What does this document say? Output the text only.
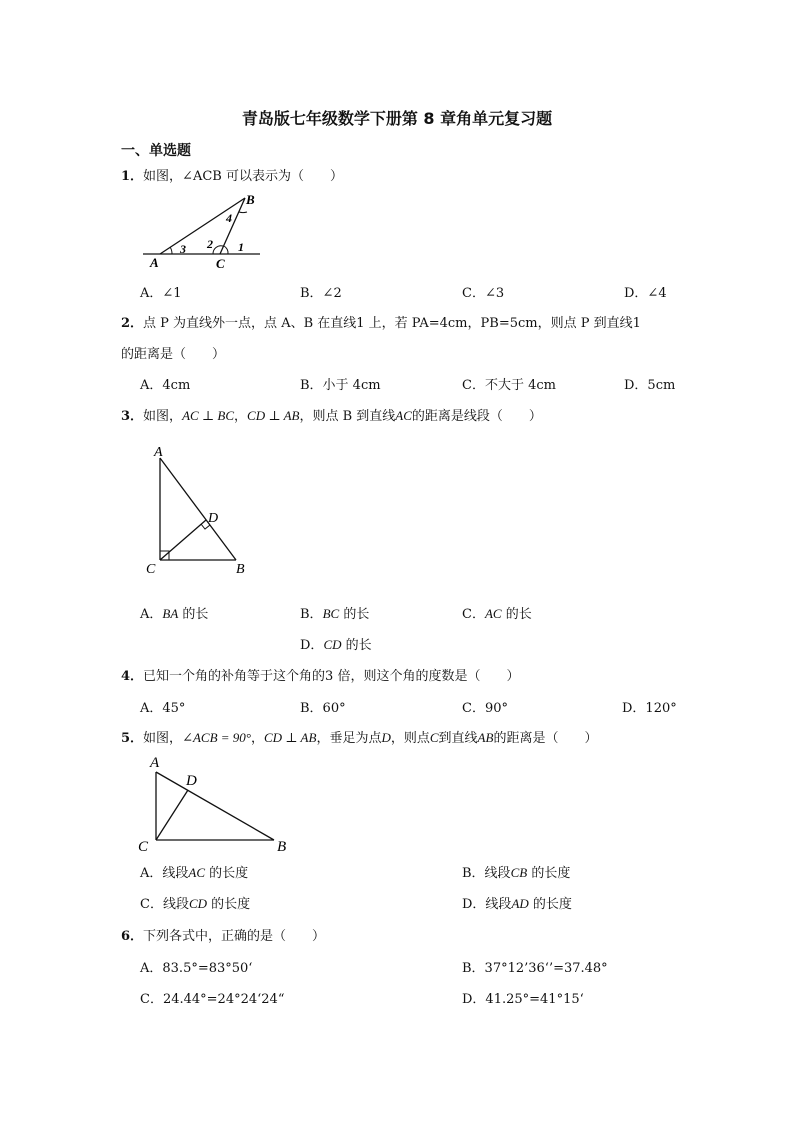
青岛版七年级数学下册第 8 章角单元复习题
一、单选题
1．如图，∠ACB 可以表示为（　　）
A
B
C
1
2
3
4
A．∠1	B．∠2	C．∠3	D．∠4
2．点 P 为直线外一点，点 A、B 在直线1 上，若 PA=4cm，PB=5cm，则点 P 到直线1
的距离是（　　）
A．4cm	B．小于 4cm	C．不大于 4cm	D．5cm
3．如图，AC ⊥ BC，CD ⊥ AB，则点 B 到直线AC的距离是线段（　　）
A
B
C
D
A．BA 的长	B．BC 的长	C．AC 的长
D．CD 的长
4．已知一个角的补角等于这个角的3 倍，则这个角的度数是（　　）
A．45°	B．60°	C．90°	D．120°
5．如图，∠ACB = 90°，CD ⊥ AB，垂足为点D，则点C到直线AB的距离是（　　）
A
B
C
D
A．线段AC 的长度	B．线段CB 的长度
C．线段CD 的长度	D．线段AD 的长度
6．下列各式中，正确的是（　　）
A．83.5°=83°50‘	B．37°12’36‘’=37.48°
C．24.44°=24°24‘24“	D．41.25°=41°15‘
